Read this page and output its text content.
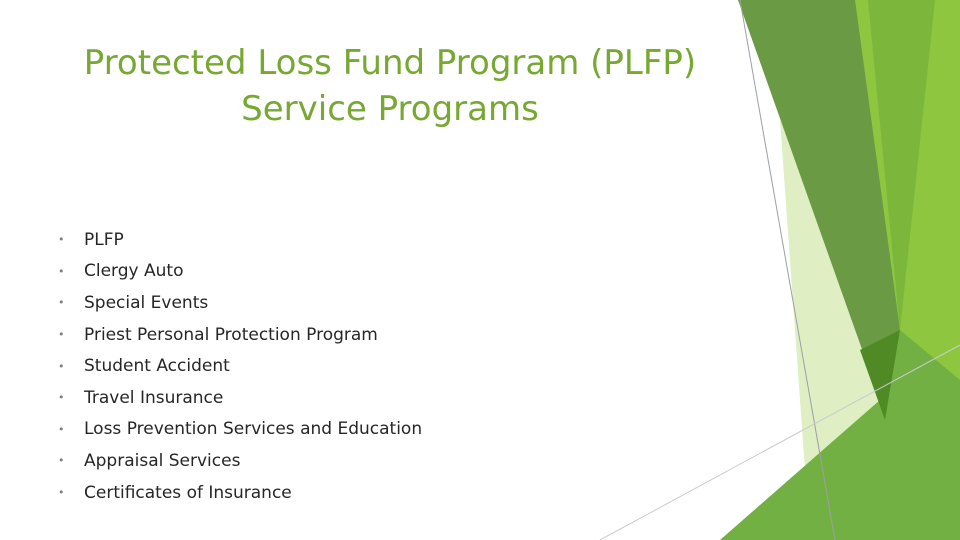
Protected Loss Fund Program (PLFP)
Service Programs
•	PLFP
•	Clergy Auto
•	Special Events
•	Priest Personal Protection Program
•	Student Accident
•	Travel Insurance
•	Loss Prevention Services and Education
•	Appraisal Services
•	Certificates of Insurance
